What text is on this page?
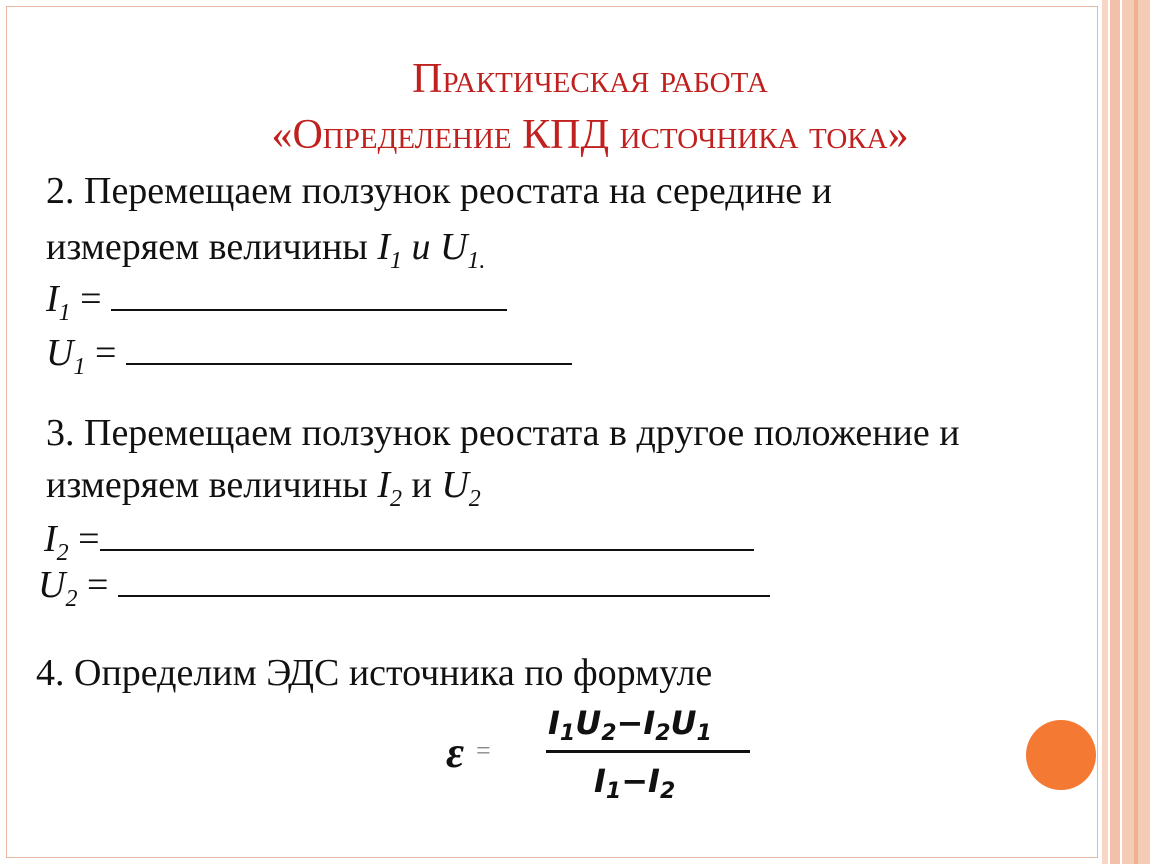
Практическая работа
«Определение КПД источника тока»
2. Перемещаем ползунок реостата на середине и
измеряем величины $I_1$ и $U_{1.}$
$I_1$ =
$U_1$ =
3. Перемещаем ползунок реостата в другое положение и
измеряем величины $I_2$ и $U_2$
$I_2$ =
$U_2$ =
4. Определим ЭДС источника по формуле
ε =
I1U2−I2U1
I1−I2
